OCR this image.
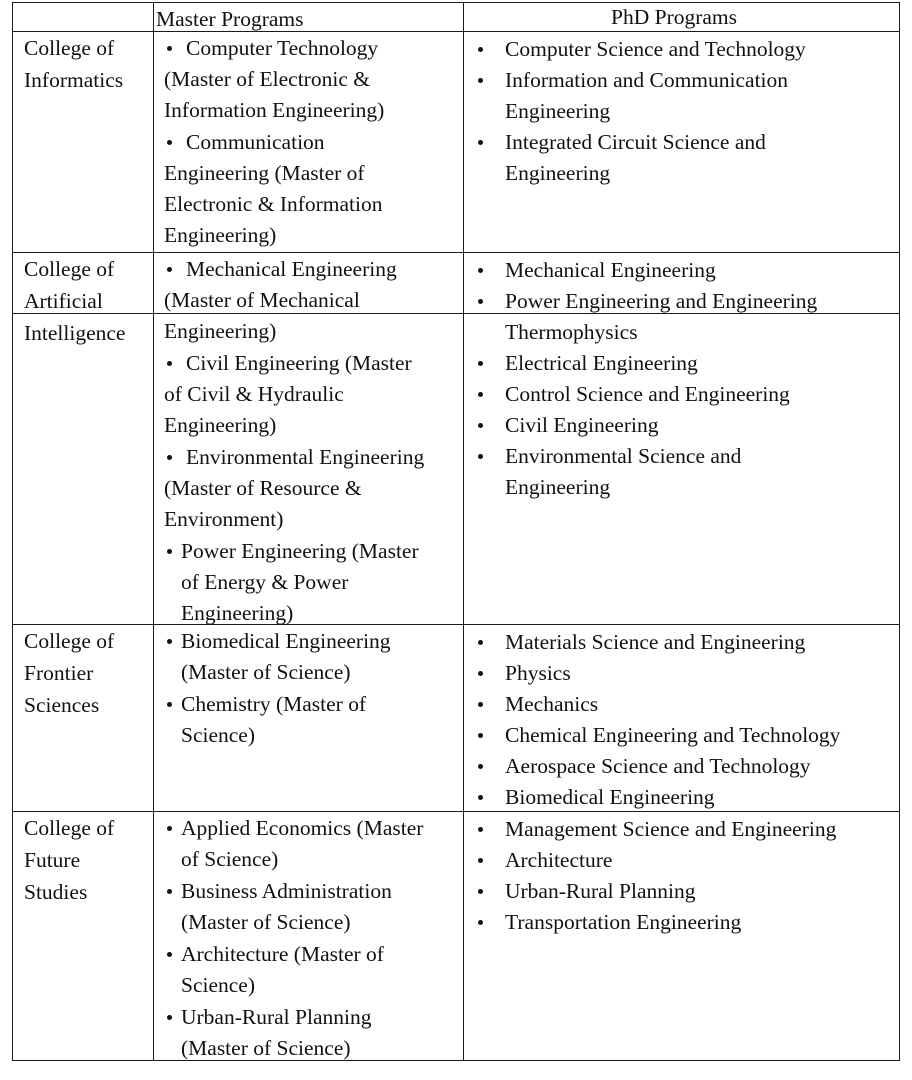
Master Programs	PhD Programs
College of
Informatics
Computer Technology
(Master of Electronic &
Information Engineering)
Communication
Engineering (Master of
Electronic & Information
Engineering)
Computer Science and Technology
Information and Communication
Engineering
Integrated Circuit Science and
Engineering
College of
Artificial
Intelligence
Mechanical Engineering
(Master of Mechanical
Engineering)
Civil Engineering (Master
of Civil & Hydraulic
Engineering)
Environmental Engineering
(Master of Resource &
Environment)
Power Engineering (Master
of Energy & Power
Engineering)
Mechanical Engineering
Power Engineering and Engineering
Thermophysics
Electrical Engineering
Control Science and Engineering
Civil Engineering
Environmental Science and
Engineering
College of
Frontier
Sciences
Biomedical Engineering
(Master of Science)
Chemistry (Master of
Science)
Materials Science and Engineering
Physics
Mechanics
Chemical Engineering and Technology
Aerospace Science and Technology
Biomedical Engineering
College of
Future
Studies
Applied Economics (Master
of Science)
Business Administration
(Master of Science)
Architecture (Master of
Science)
Urban-Rural Planning
(Master of Science)
Management Science and Engineering
Architecture
Urban-Rural Planning
Transportation Engineering
